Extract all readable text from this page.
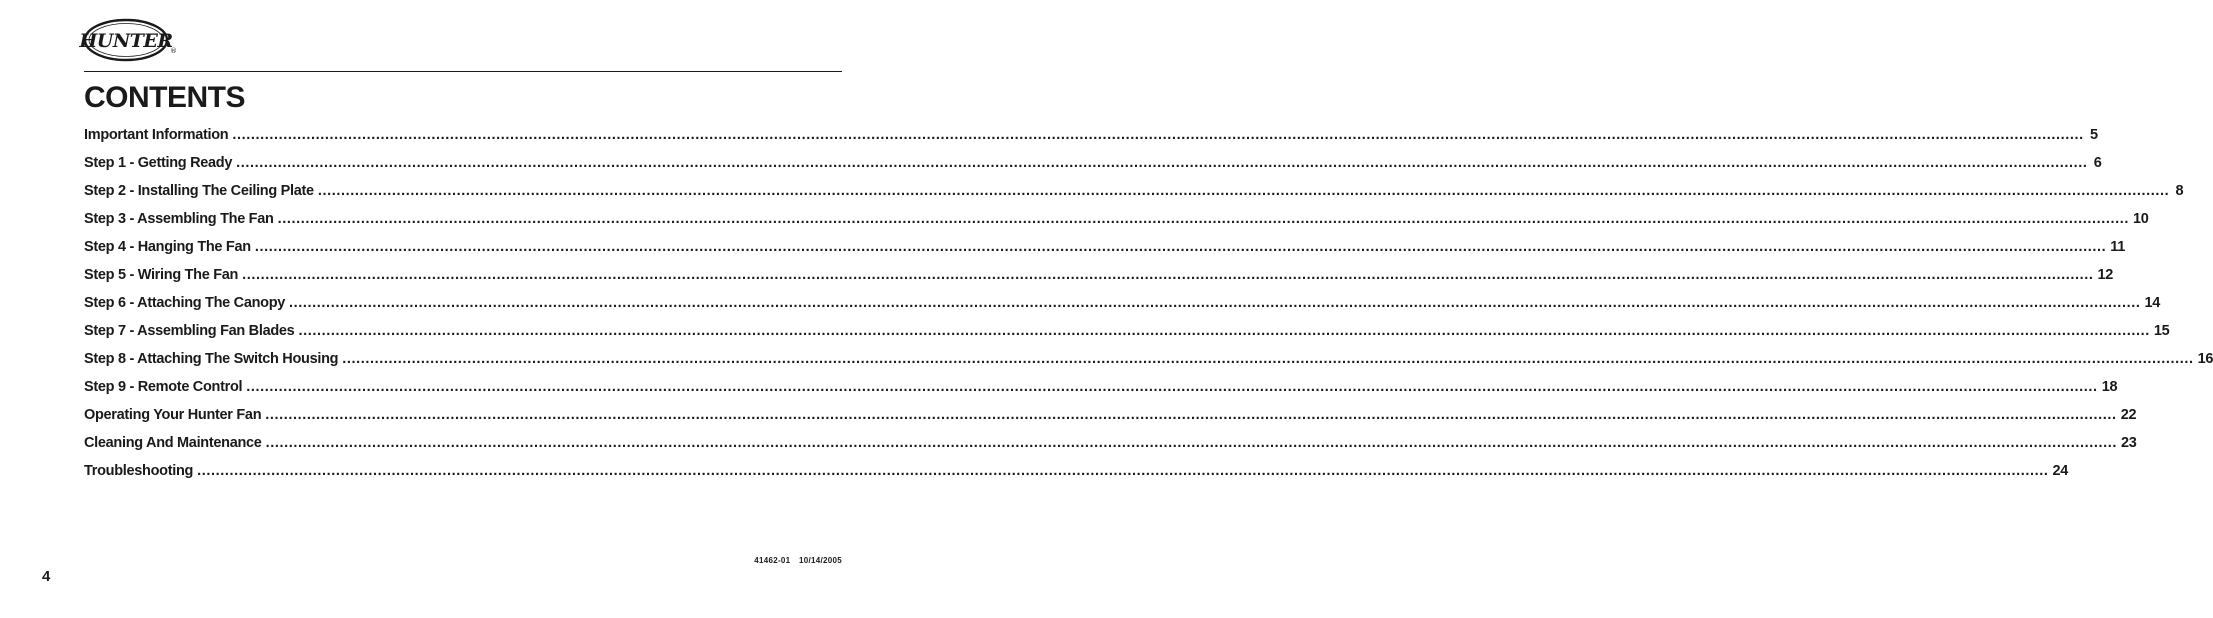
HUNTER
®
CONTENTS
Important Information ................................................................................................................................................................................................................................................................................................................................................................................................................ 5
Step 1 - Getting Ready ................................................................................................................................................................................................................................................................................................................................................................................................................ 6
Step 2 - Installing The Ceiling Plate ................................................................................................................................................................................................................................................................................................................................................................................................................ 8
Step 3 - Assembling The Fan ................................................................................................................................................................................................................................................................................................................................................................................................................ 10
Step 4 - Hanging The Fan ................................................................................................................................................................................................................................................................................................................................................................................................................ 11
Step 5 - Wiring The Fan ................................................................................................................................................................................................................................................................................................................................................................................................................ 12
Step 6 - Attaching The Canopy ................................................................................................................................................................................................................................................................................................................................................................................................................ 14
Step 7 - Assembling Fan Blades ................................................................................................................................................................................................................................................................................................................................................................................................................ 15
Step 8 - Attaching The Switch Housing ................................................................................................................................................................................................................................................................................................................................................................................................................ 16
Step 9 - Remote Control ................................................................................................................................................................................................................................................................................................................................................................................................................ 18
Operating Your Hunter Fan ................................................................................................................................................................................................................................................................................................................................................................................................................ 22
Cleaning And Maintenance ................................................................................................................................................................................................................................................................................................................................................................................................................ 23
Troubleshooting ................................................................................................................................................................................................................................................................................................................................................................................................................ 24
41462-01 10/14/2005
4
